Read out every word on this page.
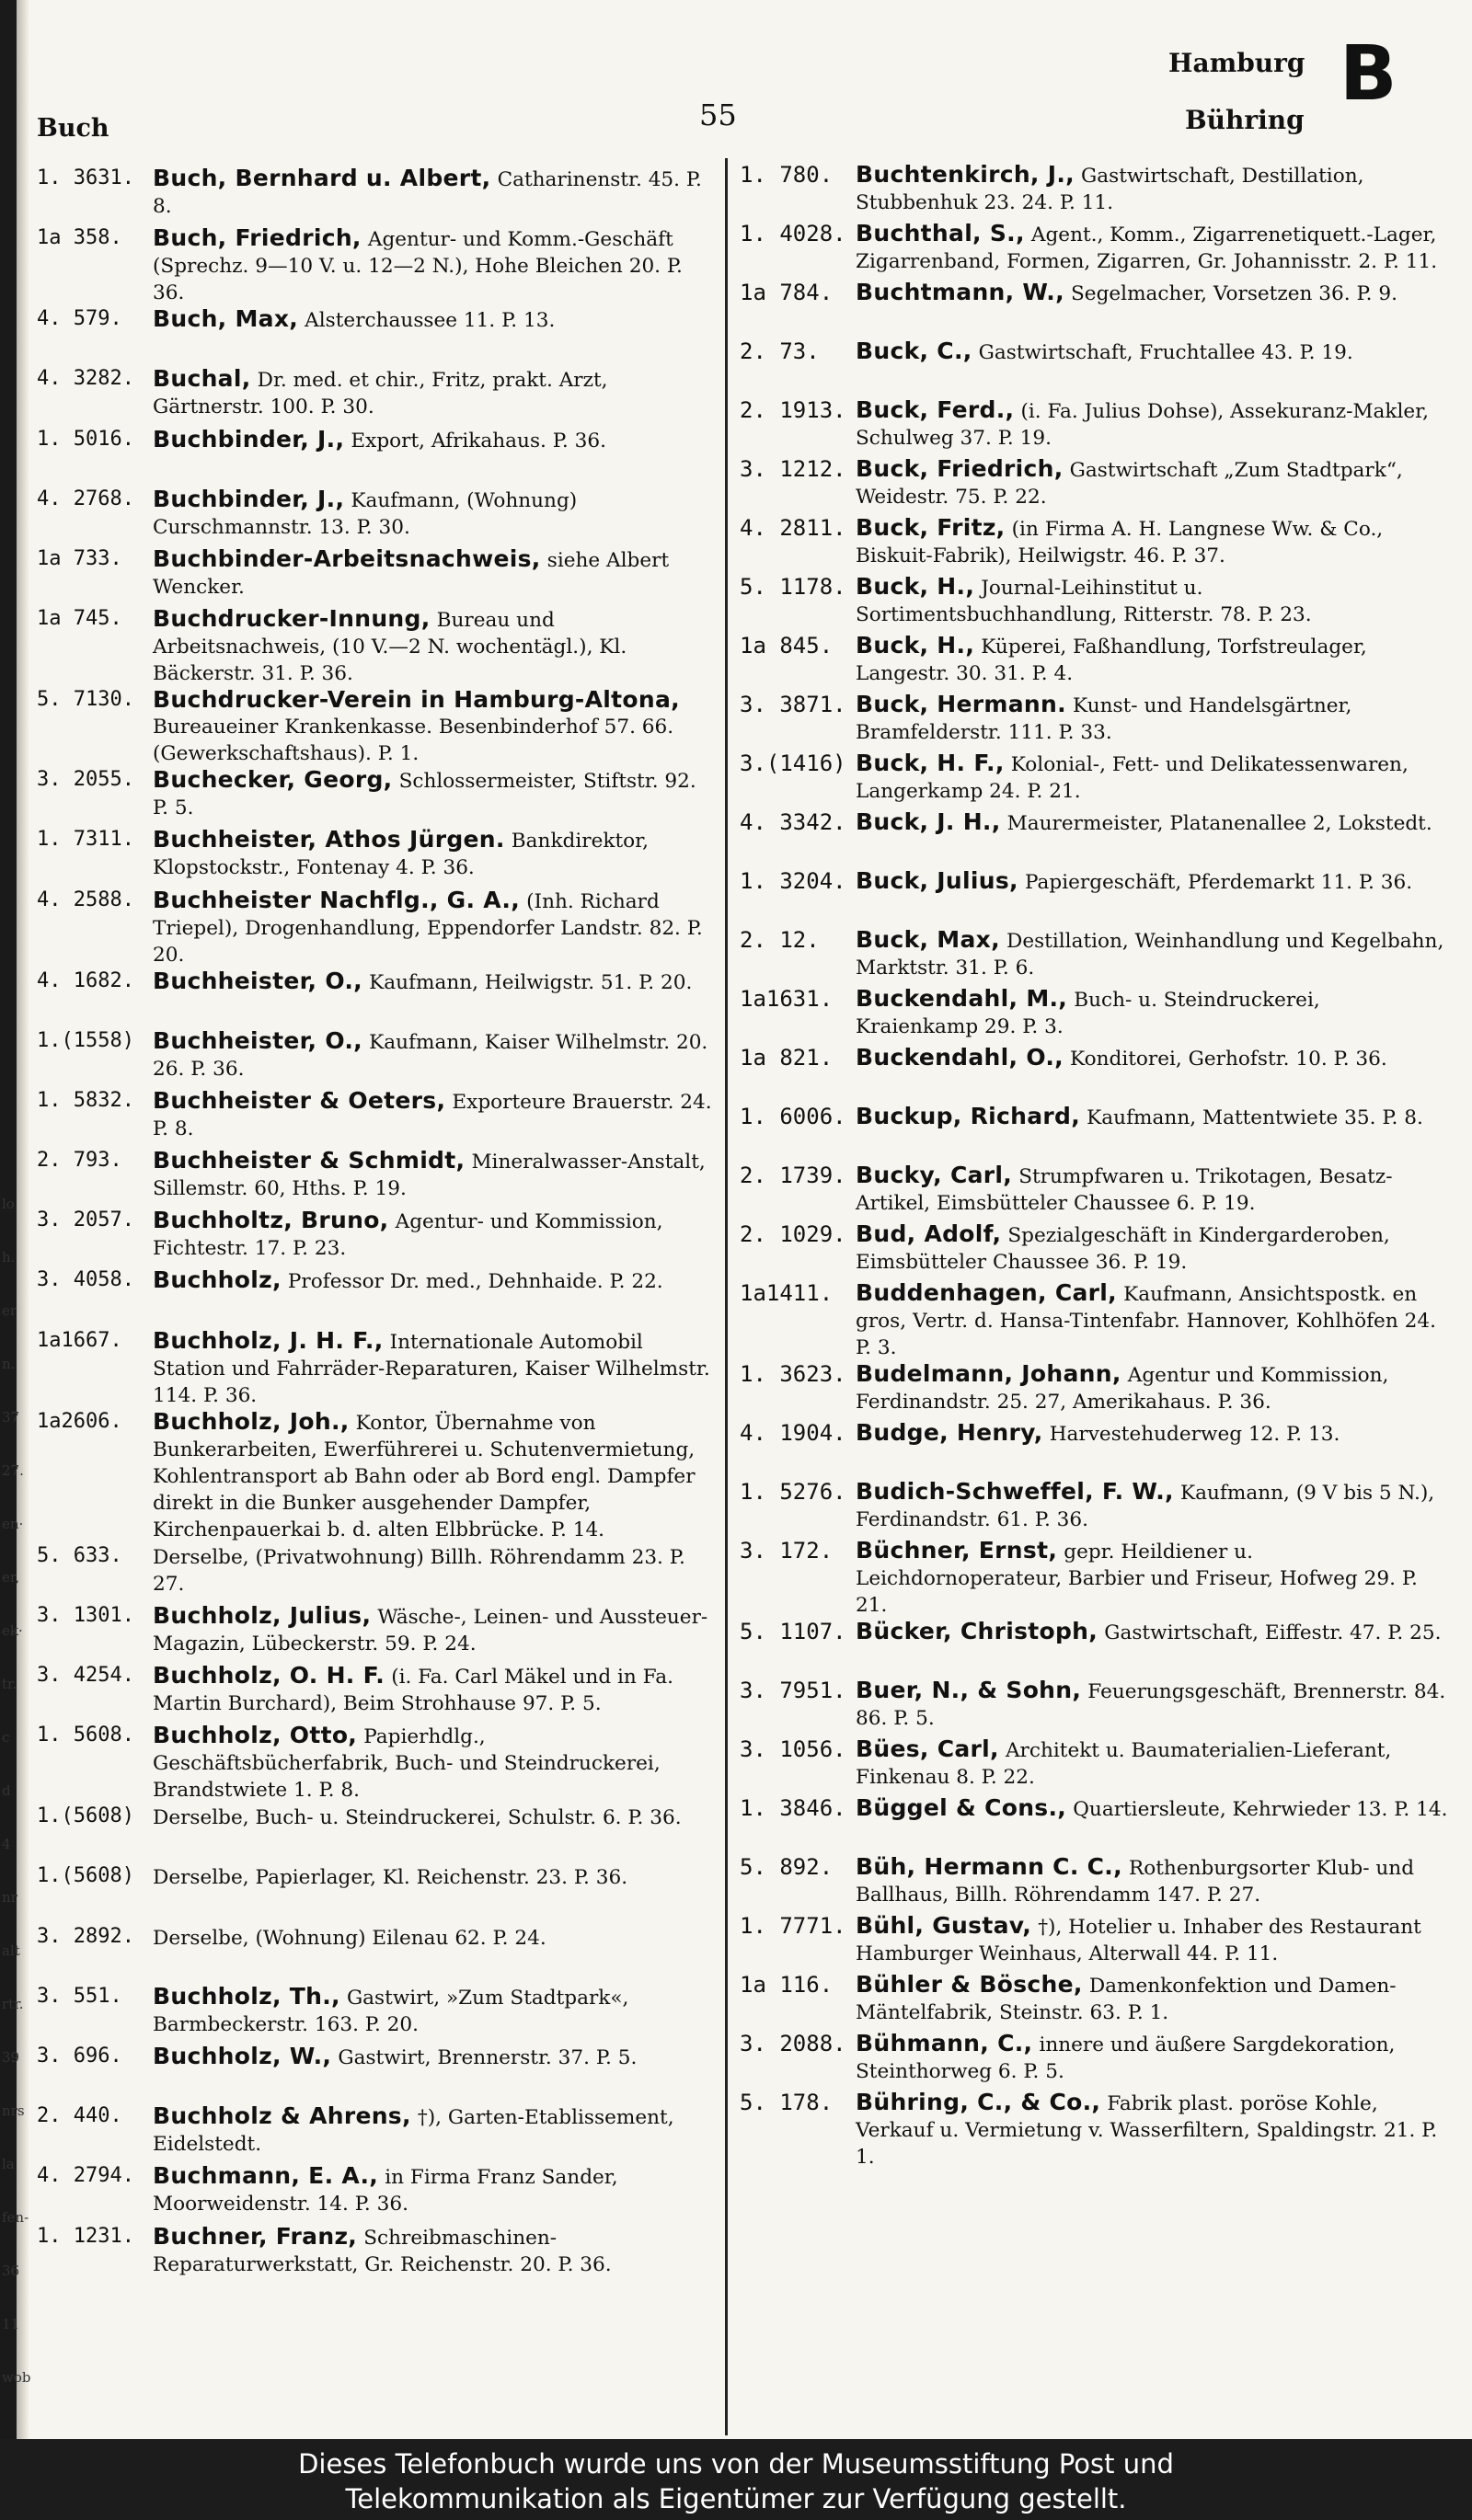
lo
h.
er
n.
37
27.
en·
er,
ek·
tr.
c
d
4
nr
alt
rtr.
39
nrs
la
fen-
36
11
wob
Buch	55
Hamburg B
Bühring
1. 3631. Buch, Bernhard u. Albert, Catharinenstr. 45. P. 8.
1a 358.	Buch, Friedrich, Agentur- und Komm.-Geschäft (Sprechz. 9—10 V. u. 12—2 N.), Hohe Bleichen 20. P. 36.
4. 579.	Buch, Max, Alsterchaussee 11. P. 13.
4. 3282. Buchal, Dr. med. et chir., Fritz, prakt. Arzt, Gärtnerstr. 100. P. 30.
1. 5016. Buchbinder, J., Export, Afrikahaus. P. 36.
4. 2768. Buchbinder, J., Kaufmann, (Wohnung) Curschmannstr. 13. P. 30.
1a 733.	Buchbinder-Arbeitsnachweis, siehe Albert Wencker.
1a 745.	Buchdrucker-Innung, Bureau und Arbeitsnachweis, (10 V.—2 N. wochentägl.), Kl. Bäckerstr. 31. P. 36.
5. 7130. Buchdrucker-Verein in Hamburg-Altona, Bureaueiner Krankenkasse. Besenbinderhof 57. 66. (Gewerkschaftshaus). P. 1.
3. 2055. Buchecker, Georg, Schlossermeister, Stiftstr. 92. P. 5.
1. 7311. Buchheister, Athos Jürgen. Bankdirektor, Klopstockstr., Fontenay 4. P. 36.
4. 2588. Buchheister Nachflg., G. A., (Inh. Richard Triepel), Drogenhandlung, Eppendorfer Landstr. 82. P. 20.
4. 1682. Buchheister, O., Kaufmann, Heilwigstr. 51. P. 20.
1.(1558) Buchheister, O., Kaufmann, Kaiser Wilhelmstr. 20. 26. P. 36.
1. 5832. Buchheister & Oeters, Exporteure Brauerstr. 24. P. 8.
2. 793.	Buchheister & Schmidt, Mineralwasser-Anstalt, Sillemstr. 60, Hths. P. 19.
3. 2057. Buchholtz, Bruno, Agentur- und Kommission, Fichtestr. 17. P. 23.
3. 4058. Buchholz, Professor Dr. med., Dehnhaide. P. 22.
1a1667.	Buchholz, J. H. F., Internationale Automobil Station und Fahrräder-Reparaturen, Kaiser Wilhelmstr. 114. P. 36.
1a2606.	Buchholz, Joh., Kontor, Übernahme von Bunkerarbeiten, Ewerführerei u. Schutenvermietung, Kohlentransport ab Bahn oder ab Bord engl. Dampfer direkt in die Bunker ausgehender Dampfer, Kirchenpauerkai b. d. alten Elbbrücke. P. 14.
5. 633.	Derselbe, (Privatwohnung) Billh. Röhrendamm 23. P. 27.
3. 1301. Buchholz, Julius, Wäsche-, Leinen- und Aussteuer-Magazin, Lübeckerstr. 59. P. 24.
3. 4254. Buchholz, O. H. F. (i. Fa. Carl Mäkel und in Fa. Martin Burchard), Beim Strohhause 97. P. 5.
1. 5608. Buchholz, Otto, Papierhdlg., Geschäftsbücherfabrik, Buch- und Steindruckerei, Brandstwiete 1. P. 8.
1.(5608) Derselbe, Buch- u. Steindruckerei, Schulstr. 6. P. 36.
1.(5608) Derselbe, Papierlager, Kl. Reichenstr. 23. P. 36.
3. 2892. Derselbe, (Wohnung) Eilenau 62. P. 24.
3. 551.	Buchholz, Th., Gastwirt, »Zum Stadtpark«, Barmbeckerstr. 163. P. 20.
3. 696.	Buchholz, W., Gastwirt, Brennerstr. 37. P. 5.
2. 440.	Buchholz & Ahrens, †), Garten-Etablissement, Eidelstedt.
4. 2794. Buchmann, E. A., in Firma Franz Sander, Moorweidenstr. 14. P. 36.
1. 1231. Buchner, Franz, Schreibmaschinen-Reparaturwerkstatt, Gr. Reichenstr. 20. P. 36.
1. 780. Buchtenkirch, J., Gastwirtschaft, Destillation, Stubbenhuk 23. 24. P. 11.
1. 4028. Buchthal, S., Agent., Komm., Zigarrenetiquett.-Lager, Zigarrenband, Formen, Zigarren, Gr. Johannisstr. 2. P. 11.
1a 784. Buchtmann, W., Segelmacher, Vorsetzen 36. P. 9.
2. 73.	Buck, C., Gastwirtschaft, Fruchtallee 43. P. 19.
2. 1913. Buck, Ferd., (i. Fa. Julius Dohse), Assekuranz-Makler, Schulweg 37. P. 19.
3. 1212. Buck, Friedrich, Gastwirtschaft „Zum Stadtpark“, Weidestr. 75. P. 22.
4. 2811. Buck, Fritz, (in Firma A. H. Langnese Ww. & Co., Biskuit-Fabrik), Heilwigstr. 46. P. 37.
5. 1178. Buck, H., Journal-Leihinstitut u. Sortimentsbuchhandlung, Ritterstr. 78. P. 23.
1a 845. Buck, H., Küperei, Faßhandlung, Torfstreulager, Langestr. 30. 31. P. 4.
3. 3871. Buck, Hermann. Kunst- und Handelsgärtner, Bramfelderstr. 111. P. 33.
3.(1416) Buck, H. F., Kolonial-, Fett- und Delikatessenwaren, Langerkamp 24. P. 21.
4. 3342. Buck, J. H., Maurermeister, Platanenallee 2, Lokstedt.
1. 3204. Buck, Julius, Papiergeschäft, Pferdemarkt 11. P. 36.
2. 12.	Buck, Max, Destillation, Weinhandlung und Kegelbahn, Marktstr. 31. P. 6.
1a1631. Buckendahl, M., Buch- u. Steindruckerei, Kraienkamp 29. P. 3.
1a 821. Buckendahl, O., Konditorei, Gerhofstr. 10. P. 36.
1. 6006. Buckup, Richard, Kaufmann, Mattentwiete 35. P. 8.
2. 1739. Bucky, Carl, Strumpfwaren u. Trikotagen, Besatz-Artikel, Eimsbütteler Chaussee 6. P. 19.
2. 1029. Bud, Adolf, Spezialgeschäft in Kindergarderoben, Eimsbütteler Chaussee 36. P. 19.
1a1411. Buddenhagen, Carl, Kaufmann, Ansichtspostk. en gros, Vertr. d. Hansa-Tintenfabr. Hannover, Kohlhöfen 24. P. 3.
1. 3623. Budelmann, Johann, Agentur und Kommission, Ferdinandstr. 25. 27, Amerikahaus. P. 36.
4. 1904. Budge, Henry, Harvestehuderweg 12. P. 13.
1. 5276. Budich-Schweffel, F. W., Kaufmann, (9 V bis 5 N.), Ferdinandstr. 61. P. 36.
3. 172. Büchner, Ernst, gepr. Heildiener u. Leichdornoperateur, Barbier und Friseur, Hofweg 29. P. 21.
5. 1107. Bücker, Christoph, Gastwirtschaft, Eiffestr. 47. P. 25.
3. 7951. Buer, N., & Sohn, Feuerungsgeschäft, Brennerstr. 84. 86. P. 5.
3. 1056. Bües, Carl, Architekt u. Baumaterialien-Lieferant, Finkenau 8. P. 22.
1. 3846. Büggel & Cons., Quartiersleute, Kehrwieder 13. P. 14.
5. 892. Büh, Hermann C. C., Rothenburgsorter Klub- und Ballhaus, Billh. Röhrendamm 147. P. 27.
1. 7771. Bühl, Gustav, †), Hotelier u. Inhaber des Restaurant Hamburger Weinhaus, Alterwall 44. P. 11.
1a 116. Bühler & Bösche, Damenkonfektion und Damen-Mäntelfabrik, Steinstr. 63. P. 1.
3. 2088. Bühmann, C., innere und äußere Sargdekoration, Steinthorweg 6. P. 5.
5. 178. Bühring, C., & Co., Fabrik plast. poröse Kohle, Verkauf u. Vermietung v. Wasserfiltern, Spaldingstr. 21. P. 1.
Dieses Telefonbuch wurde uns von der Museumsstiftung Post und
Telekommunikation als Eigentümer zur Verfügung gestellt.
